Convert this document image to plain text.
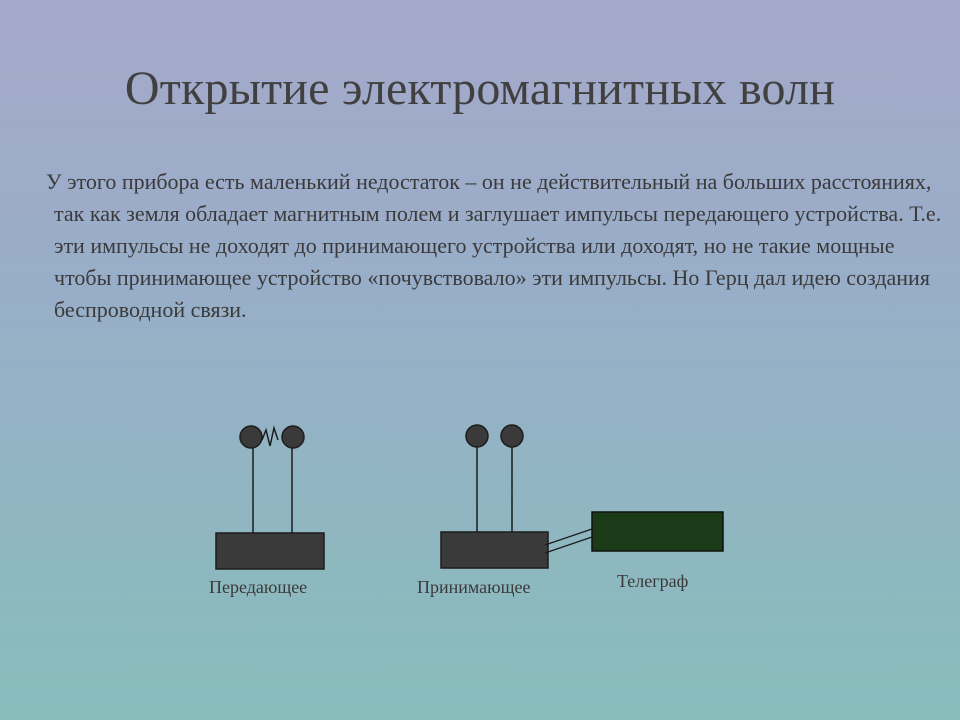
Открытие электромагнитных волн
У этого прибора есть маленький недостаток – он не действительный на больших расстояниях, так как земля обладает магнитным полем и заглушает импульсы передающего устройства. Т.е. эти импульсы не доходят до принимающего устройства или доходят, но не такие мощные чтобы принимающее устройство «почувствовало» эти импульсы. Но Герц дал идею создания беспроводной связи.
Передающее	Принимающее	Телеграф
